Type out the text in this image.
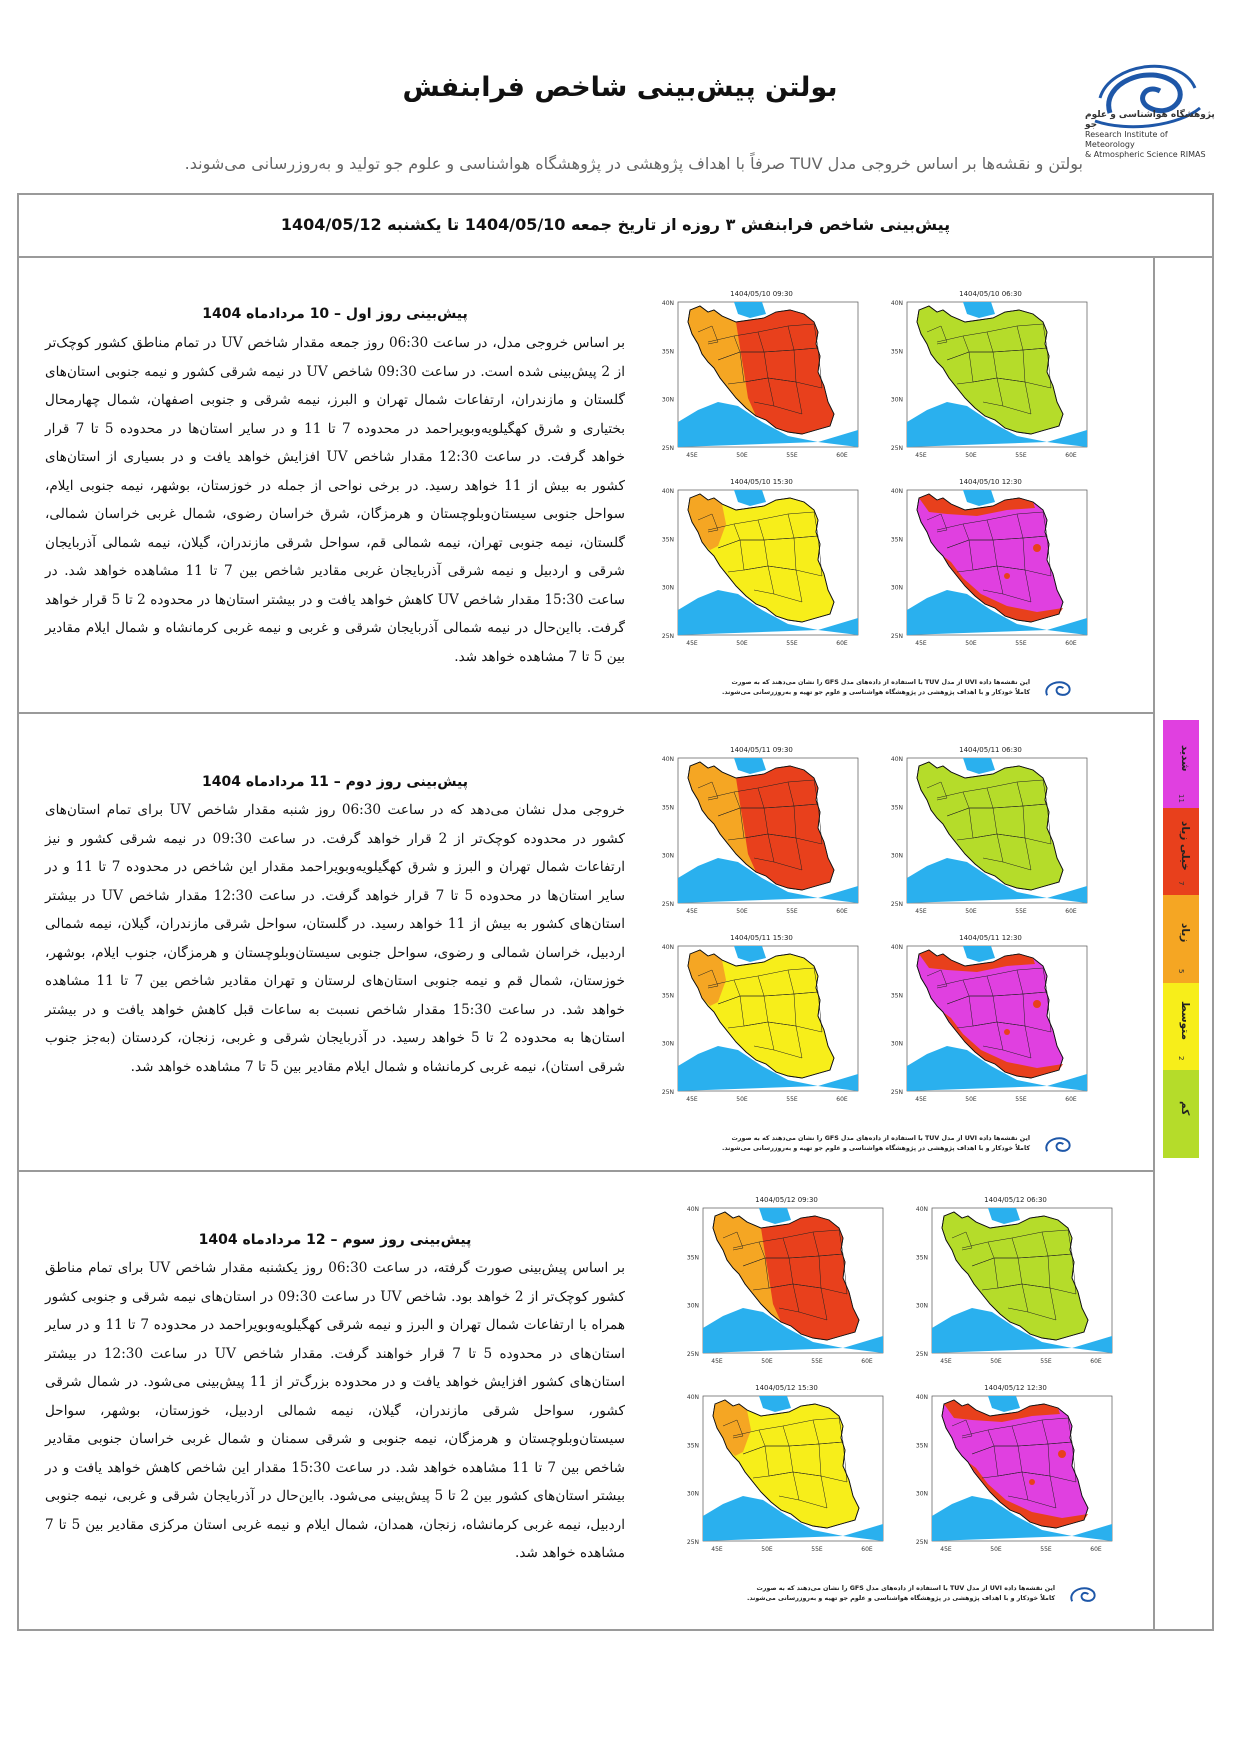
پژوهشگاه هواشناسی و علوم جو
Research Institute of Meteorology
& Atmospheric Science RIMAS
بولتن پیش‌بینی شاخص فرابنفش
بولتن و نقشه‌ها بر اساس خروجی مدل TUV صرفاً با اهداف پژوهشی در پژوهشگاه هواشناسی و علوم جو تولید و به‌روزرسانی می‌شوند.
پیش‌بینی شاخص فرابنفش ۳ روزه از تاریخ جمعه 1404/05/10 تا یکشنبه 1404/05/12
پیش‌بینی روز اول – 10 مردادماه 1404
بر اساس خروجی مدل، در ساعت 06:30 روز جمعه مقدار شاخص UV در تمام مناطق کشور کوچک‌تر از 2 پیش‌بینی شده است. در ساعت 09:30 شاخص UV در نیمه شرقی کشور و نیمه جنوبی استان‌های گلستان و مازندران، ارتفاعات شمال تهران و البرز، نیمه شرقی و جنوبی اصفهان، شمال چهارمحال بختیاری و شرق کهگیلویه‌وبویراحمد در محدوده 7 تا 11 و در سایر استان‌ها در محدوده 5 تا 7 قرار خواهد گرفت. در ساعت 12:30 مقدار شاخص UV افزایش خواهد یافت و در بسیاری از استان‌های کشور به بیش از 11 خواهد رسید. در برخی نواحی از جمله در خوزستان، بوشهر، نیمه جنوبی ایلام، سواحل جنوبی سیستان‌وبلوچستان و هرمزگان، شرق خراسان رضوی، شمال غربی خراسان شمالی، گلستان، نیمه جنوبی تهران، نیمه شمالی قم، سواحل شرقی مازندران، گیلان، نیمه شمالی آذربایجان شرقی و اردبیل و نیمه شرقی آذربایجان غربی مقادیر شاخص بین 7 تا 11 مشاهده خواهد شد. در ساعت 15:30 مقدار شاخص UV کاهش خواهد یافت و در بیشتر استان‌ها در محدوده 2 تا 5 قرار خواهد گرفت. بااین‌حال در نیمه شمالی آذربایجان شرقی و غربی و نیمه غربی کرمانشاه و شمال ایلام مقادیر بین 5 تا 7 مشاهده خواهد شد.
پیش‌بینی روز دوم – 11 مردادماه 1404
خروجی مدل نشان می‌دهد که در ساعت 06:30 روز شنبه مقدار شاخص UV برای تمام استان‌های کشور در محدوده کوچک‌تر از 2 قرار خواهد گرفت. در ساعت 09:30 در نیمه شرقی کشور و نیز ارتفاعات شمال تهران و البرز و شرق کهگیلویه‌وبویراحمد مقدار این شاخص در محدوده 7 تا 11 و در سایر استان‌ها در محدوده 5 تا 7 قرار خواهد گرفت. در ساعت 12:30 مقدار شاخص UV در بیشتر استان‌های کشور به بیش از 11 خواهد رسید. در گلستان، سواحل شرقی مازندران، گیلان، نیمه شمالی اردبیل، خراسان شمالی و رضوی، سواحل جنوبی سیستان‌وبلوچستان و هرمزگان، جنوب ایلام، بوشهر، خوزستان، شمال قم و نیمه جنوبی استان‌های لرستان و تهران مقادیر شاخص بین 7 تا 11 مشاهده خواهد شد. در ساعت 15:30 مقدار شاخص نسبت به ساعات قبل کاهش خواهد یافت و در بیشتر استان‌ها به محدوده 2 تا 5 خواهد رسید. در آذربایجان شرقی و غربی، زنجان، کردستان (به‌جز جنوب شرقی استان)، نیمه غربی کرمانشاه و شمال ایلام مقادیر بین 5 تا 7 مشاهده خواهد شد.
پیش‌بینی روز سوم – 12 مردادماه 1404
بر اساس پیش‌بینی صورت گرفته، در ساعت 06:30 روز یکشنبه مقدار شاخص UV برای تمام مناطق کشور کوچک‌تر از 2 خواهد بود. شاخص UV در ساعت 09:30 در استان‌های نیمه شرقی و جنوبی کشور همراه با ارتفاعات شمال تهران و البرز و نیمه شرقی کهگیلویه‌وبویراحمد در محدوده 7 تا 11 و در سایر استان‌های در محدوده 5 تا 7 قرار خواهند گرفت. مقدار شاخص UV در ساعت 12:30 در بیشتر استان‌های کشور افزایش خواهد یافت و در محدوده بزرگ‌تر از 11 پیش‌بینی می‌شود. در شمال شرقی کشور، سواحل شرقی مازندران، گیلان، نیمه شمالی اردبیل، خوزستان، بوشهر، سواحل سیستان‌وبلوچستان و هرمزگان، نیمه جنوبی و شرقی سمنان و شمال غربی خراسان جنوبی مقادیر شاخص بین 7 تا 11 مشاهده خواهد شد. در ساعت 15:30 مقدار این شاخص کاهش خواهد یافت و در بیشتر استان‌های کشور بین 2 تا 5 پیش‌بینی می‌شود. بااین‌حال در آذربایجان شرقی و غربی، نیمه جنوبی اردبیل، نیمه غربی کرمانشاه، زنجان، همدان، شمال ایلام و نیمه غربی استان مرکزی مقادیر بین 5 تا 7 مشاهده خواهد شد.
40N
35N
30N
25N
45E	50E	55E	60E
1404/05/10 09:30
40N
35N
30N
25N
45E	50E	55E	60E
1404/05/10 06:30
40N
35N
30N
25N
45E	50E	55E	60E
1404/05/10 15:30
40N
35N
30N
25N
45E	50E	55E	60E
1404/05/10 12:30
این نقشه‌ها داده UVI از مدل TUV با استفاده از داده‌های مدل GFS را نشان می‌دهند که به صورت
کاملاً خودکار و با اهداف پژوهشی در پژوهشگاه هواشناسی و علوم جو تهیه و به‌روزرسانی می‌شوند.
40N
35N
30N
25N
45E	50E	55E	60E
1404/05/11 09:30
40N
35N
30N
25N
45E	50E	55E	60E
1404/05/11 06:30
40N
35N
30N
25N
45E	50E	55E	60E
1404/05/11 15:30
40N
35N
30N
25N
45E	50E	55E	60E
1404/05/11 12:30
این نقشه‌ها داده UVI از مدل TUV با استفاده از داده‌های مدل GFS را نشان می‌دهند که به صورت
کاملاً خودکار و با اهداف پژوهشی در پژوهشگاه هواشناسی و علوم جو تهیه و به‌روزرسانی می‌شوند.
40N
35N
30N
25N
45E	50E	55E	60E
1404/05/12 09:30
40N
35N
30N
25N
45E	50E	55E	60E
1404/05/12 06:30
40N
35N
30N
25N
45E	50E	55E	60E
1404/05/12 15:30
40N
35N
30N
25N
45E	50E	55E	60E
1404/05/12 12:30
این نقشه‌ها داده UVI از مدل TUV با استفاده از داده‌های مدل GFS را نشان می‌دهند که به صورت
کاملاً خودکار و با اهداف پژوهشی در پژوهشگاه هواشناسی و علوم جو تهیه و به‌روزرسانی می‌شوند.
شدید
خیلی زیاد
زیاد
متوسط
کم
11
7
5
2
